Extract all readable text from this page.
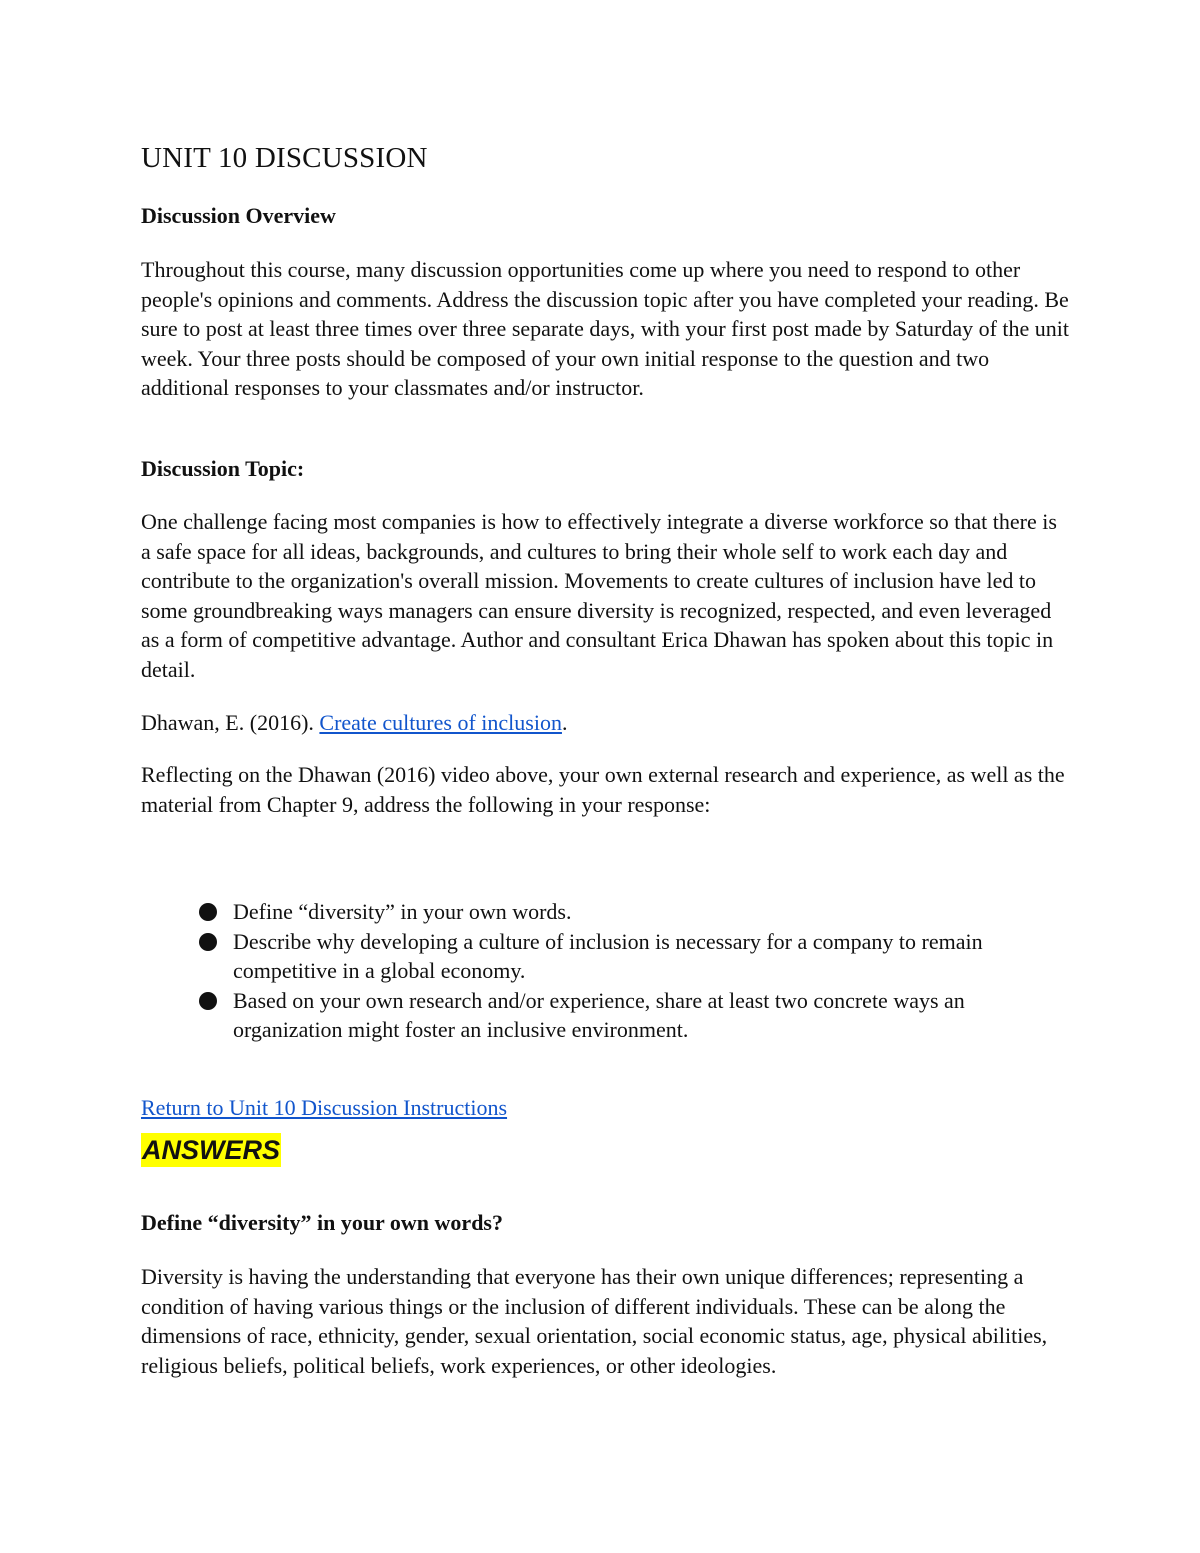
UNIT 10 DISCUSSION
Discussion Overview

Throughout this course, many discussion opportunities come up where you need to respond to other people's opinions and comments. Address the discussion topic after you have completed your reading. Be sure to post at least three times over three separate days, with your first post made by Saturday of the unit week. Your three posts should be composed of your own initial response to the question and two additional responses to your classmates and/or instructor.

Discussion Topic:

One challenge facing most companies is how to effectively integrate a diverse workforce so that there is a safe space for all ideas, backgrounds, and cultures to bring their whole self to work each day and contribute to the organization's overall mission. Movements to create cultures of inclusion have led to some groundbreaking ways managers can ensure diversity is recognized, respected, and even leveraged as a form of competitive advantage. Author and consultant Erica Dhawan has spoken about this topic in detail.

Dhawan, E. (2016). Create cultures of inclusion.

Reflecting on the Dhawan (2016) video above, your own external research and experience, as well as the material from Chapter 9, address the following in your response:

Define “diversity” in your own words.
Describe why developing a culture of inclusion is necessary for a company to remain competitive in a global economy.
Based on your own research and/or experience, share at least two concrete ways an organization might foster an inclusive environment.

Return to Unit 10 Discussion Instructions

ANSWERS
Define “diversity” in your own words?

Diversity is having the understanding that everyone has their own unique differences; representing a condition of having various things or the inclusion of different individuals. These can be along the dimensions of race, ethnicity, gender, sexual orientation, social economic status, age, physical abilities, religious beliefs, political beliefs, work experiences, or other ideologies.
